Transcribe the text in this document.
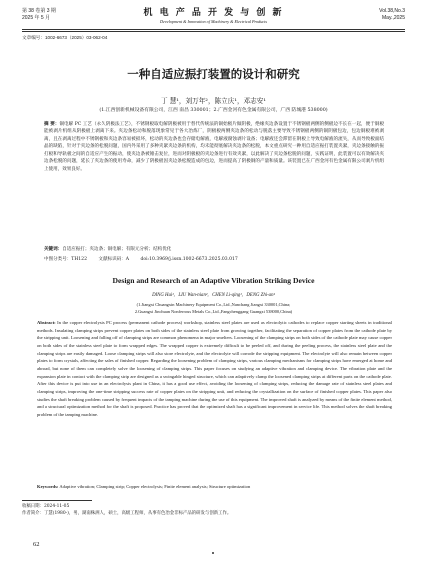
第 38 卷第 3 期
2025 年 5 月	机 电 产 品 开 发 与 创 新
Development & Innovation of Machinery & Electrical Products
Vol.38,No.3
May.,2025
文章编号：1002-6673（2025）03-062-04
一种自适应振打装置的设计和研究
丁 慧¹，刘万年²，陈立庆¹，邓志安¹
(1.江西创新机械设备有限公司，江西 南昌 330001；2.广西金河有色金属有限公司，广西 防城港 538000)
摘 要：铜电解 PC 工艺（永久阴极法工艺），不锈钢板取电解阴极被用于替代传统法的铜始极片做阴极，绝缘夹边条设置于不锈钢板两侧的侧板边不长在一起，便于铜板能被剥片机组从阴极板上剥离下来。夹边条松动和脱落现象常见于各大冶炼厂，阴极板两侧夹边条的松动与脱落主要导致不锈钢板两侧的铜阴极包边，包边铜板难被剥离，且在剥离过程中不锈钢板和夹边条容易被损坏，松动的夹边条也会存储电解液，电解液腐蚀剥片设备；电解液还会滞留在钢板上导致电解液的流失，从而导致板面结晶的缺陷，针对于夹边条的松脱问题，国内外采用了多种夹紧夹边条的机构，均未能彻底解决夹边条的松脱，本文重点研究一种用自适应振打装置夹紧，夹边条接触的振打板和导轨板之间的自适应产生的振动，使夹边条被锤击复位，进而对阴极板的夹边条进行有效夹紧，以此解决了夹边条松脱的问题，实践证明，此装置可以有效解决夹边条松脱的问题，延长了夹边条的使用寿命，减少了阴极板因夹边条松脱造成的包边，进而提高了阴极铜的产量和质量。该装置已在广西金河有色金属有限公司剥片机组上使用，效果良好。
关键词：自适应振打；夹边条；铜电解；有限元分析；结构优化
中图分类号：TH122	文献标识码：A	doi:10.3969/j.issn.1002-6673.2025.03.017
Design and Research of an Adaptive Vibration Striking Device
DING Hui¹，LIU Wan-nian²，CHEN Li-qing¹，DENG Zhi-an¹
(1.Jiangxi Chuangxin Machinery Equipment Co.,Ltd.,Nanchang Jiangxi 330001,China;
2.Guangxi Jinchuan Nonferrous Metals Co.,Ltd.,Fangchenggang Guangxi 538000,China)
Abstract: In the copper electrolysis PC process (permanent cathode process) workshop, stainless steel plates are used as electrolytic cathodes to replace copper starting sheets in traditional methods. Insulating clamping strips prevent copper plates on both sides of the stainless steel plate from growing together, facilitating the separation of copper plates from the cathode plate by the stripping unit. Loosening and falling off of clamping strips are common phenomena in major smelters. Loosening of the clamping strips on both sides of the cathode plate may cause copper on both sides of the stainless steel plate to form wrapped edges. The wrapped copper is extremely difficult to be peeled off, and during the peeling process, the stainless steel plate and the clamping strips are easily damaged. Loose clamping strips will also store electrolyte, and the electrolyte will corrode the stripping equipment. The electrolyte will also remain between copper plates to form crystals, affecting the sales of finished copper. Regarding the loosening problem of clamping strips, various clamping mechanisms for clamping strips have emerged at home and abroad, but none of them can completely solve the loosening of clamping strips. This paper focuses on studying an adaptive vibration and clamping device. The vibration plate and the expansion plate in contact with the clamping strip are designed as a swingable hinged structure, which can adaptively clamp the loosened clamping strips at different parts on the cathode plate. After this device is put into use in an electrolysis plant in China, it has a good use effect, avoiding the loosening of clamping strips, reducing the damage rate of stainless steel plates and clamping strips, improving the one-time stripping success rate of copper plates on the stripping unit, and reducing the crystallization on the surface of finished copper plates. This paper also studies the shaft breaking problem caused by frequent impacts of the tamping machine during the use of this equipment. The improved shaft is analyzed by means of the finite element method, and a structural optimization method for the shaft is proposed. Practice has proved that the optimized shaft has a significant improvement in service life. This method solves the shaft breaking problem of the tamping machine.
Keywords: Adaptive vibration; Clamping strip; Copper electrolysis; Finite element analysis; Structure optimization
收稿日期：2024-11-05
作者简介：丁慧(1980-)，男，湖南株洲人，硕士，高级工程师，从事有色冶金非标产品的研发与创新工作。
62
